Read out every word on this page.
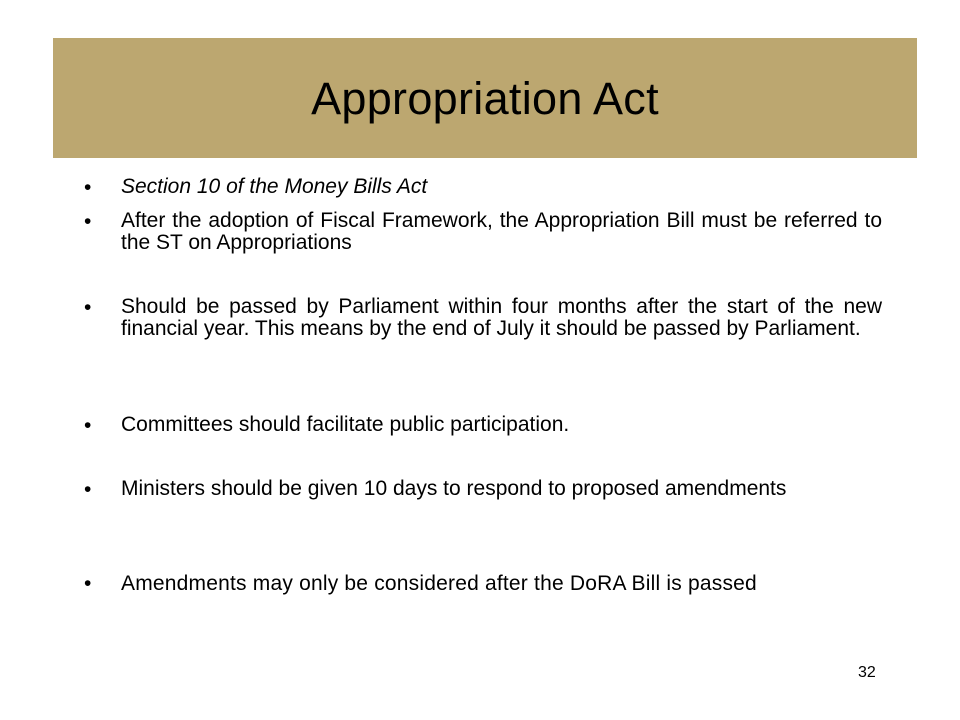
Appropriation Act
•	Section 10 of the Money Bills Act
•	After the adoption of Fiscal Framework, the Appropriation Bill must be referred to the ST on Appropriations
•	Should be passed by Parliament within four months after the start of the new financial year. This means by the end of July it should be passed by Parliament.
•	Committees should facilitate public participation.
•	Ministers should be given 10 days to respond to proposed amendments
•	Amendments may only be considered after the DoRA Bill is passed
32
